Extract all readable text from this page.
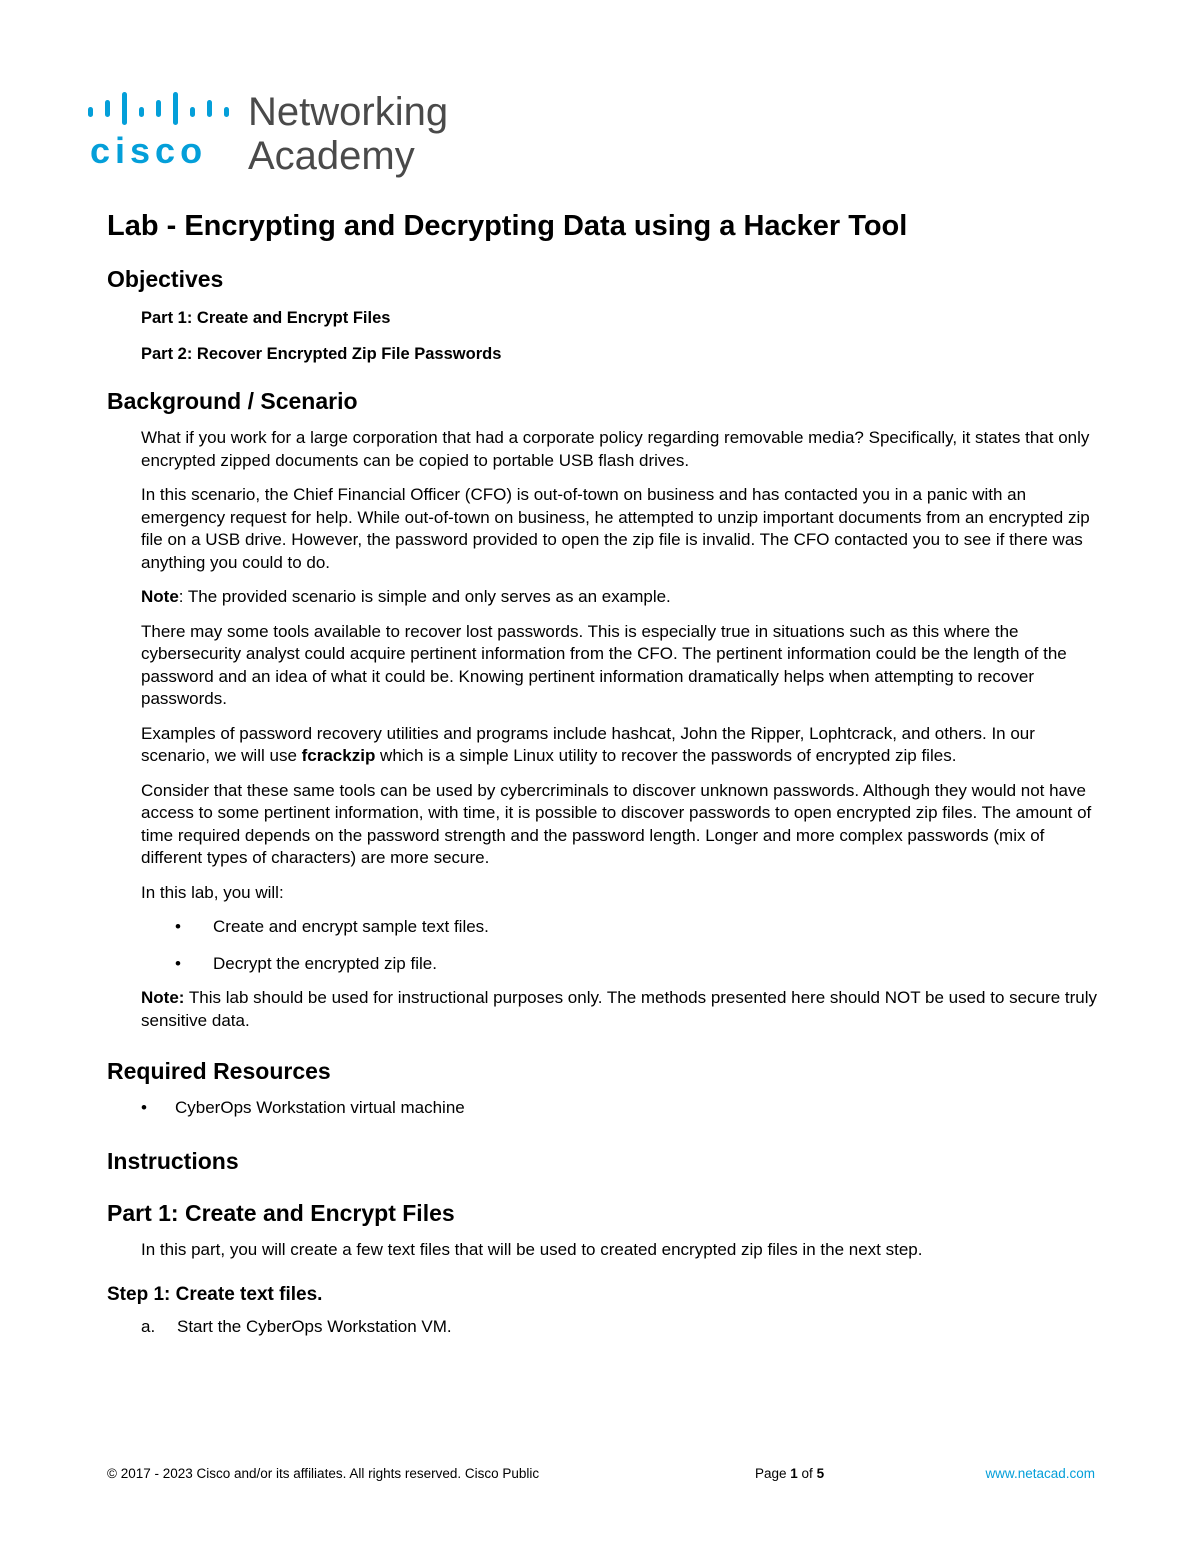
cisco
Networking
Academy
Lab - Encrypting and Decrypting Data using a Hacker Tool
Objectives

Part 1: Create and Encrypt Files

Part 2: Recover Encrypted Zip File Passwords

Background / Scenario

What if you work for a large corporation that had a corporate policy regarding removable media? Specifically, it states that only encrypted zipped documents can be copied to portable USB flash drives.

In this scenario, the Chief Financial Officer (CFO) is out-of-town on business and has contacted you in a panic with an emergency request for help. While out-of-town on business, he attempted to unzip important documents from an encrypted zip file on a USB drive. However, the password provided to open the zip file is invalid. The CFO contacted you to see if there was anything you could to do.

Note: The provided scenario is simple and only serves as an example.

There may some tools available to recover lost passwords. This is especially true in situations such as this where the cybersecurity analyst could acquire pertinent information from the CFO. The pertinent information could be the length of the password and an idea of what it could be. Knowing pertinent information dramatically helps when attempting to recover passwords.

Examples of password recovery utilities and programs include hashcat, John the Ripper, Lophtcrack, and others. In our scenario, we will use fcrackzip which is a simple Linux utility to recover the passwords of encrypted zip files.

Consider that these same tools can be used by cybercriminals to discover unknown passwords. Although they would not have access to some pertinent information, with time, it is possible to discover passwords to open encrypted zip files. The amount of time required depends on the password strength and the password length. Longer and more complex passwords (mix of different types of characters) are more secure.

In this lab, you will:

• Create and encrypt sample text files.
• Decrypt the encrypted zip file.

Note: This lab should be used for instructional purposes only. The methods presented here should NOT be used to secure truly sensitive data.

Required Resources
• CyberOps Workstation virtual machine
Instructions
Part 1: Create and Encrypt Files

In this part, you will create a few text files that will be used to created encrypted zip files in the next step.

Step 1: Create text files.
a. Start the CyberOps Workstation VM.
© 2017 - 2023 Cisco and/or its affiliates. All rights reserved. Cisco Public	Page 1 of 5	www.netacad.com
